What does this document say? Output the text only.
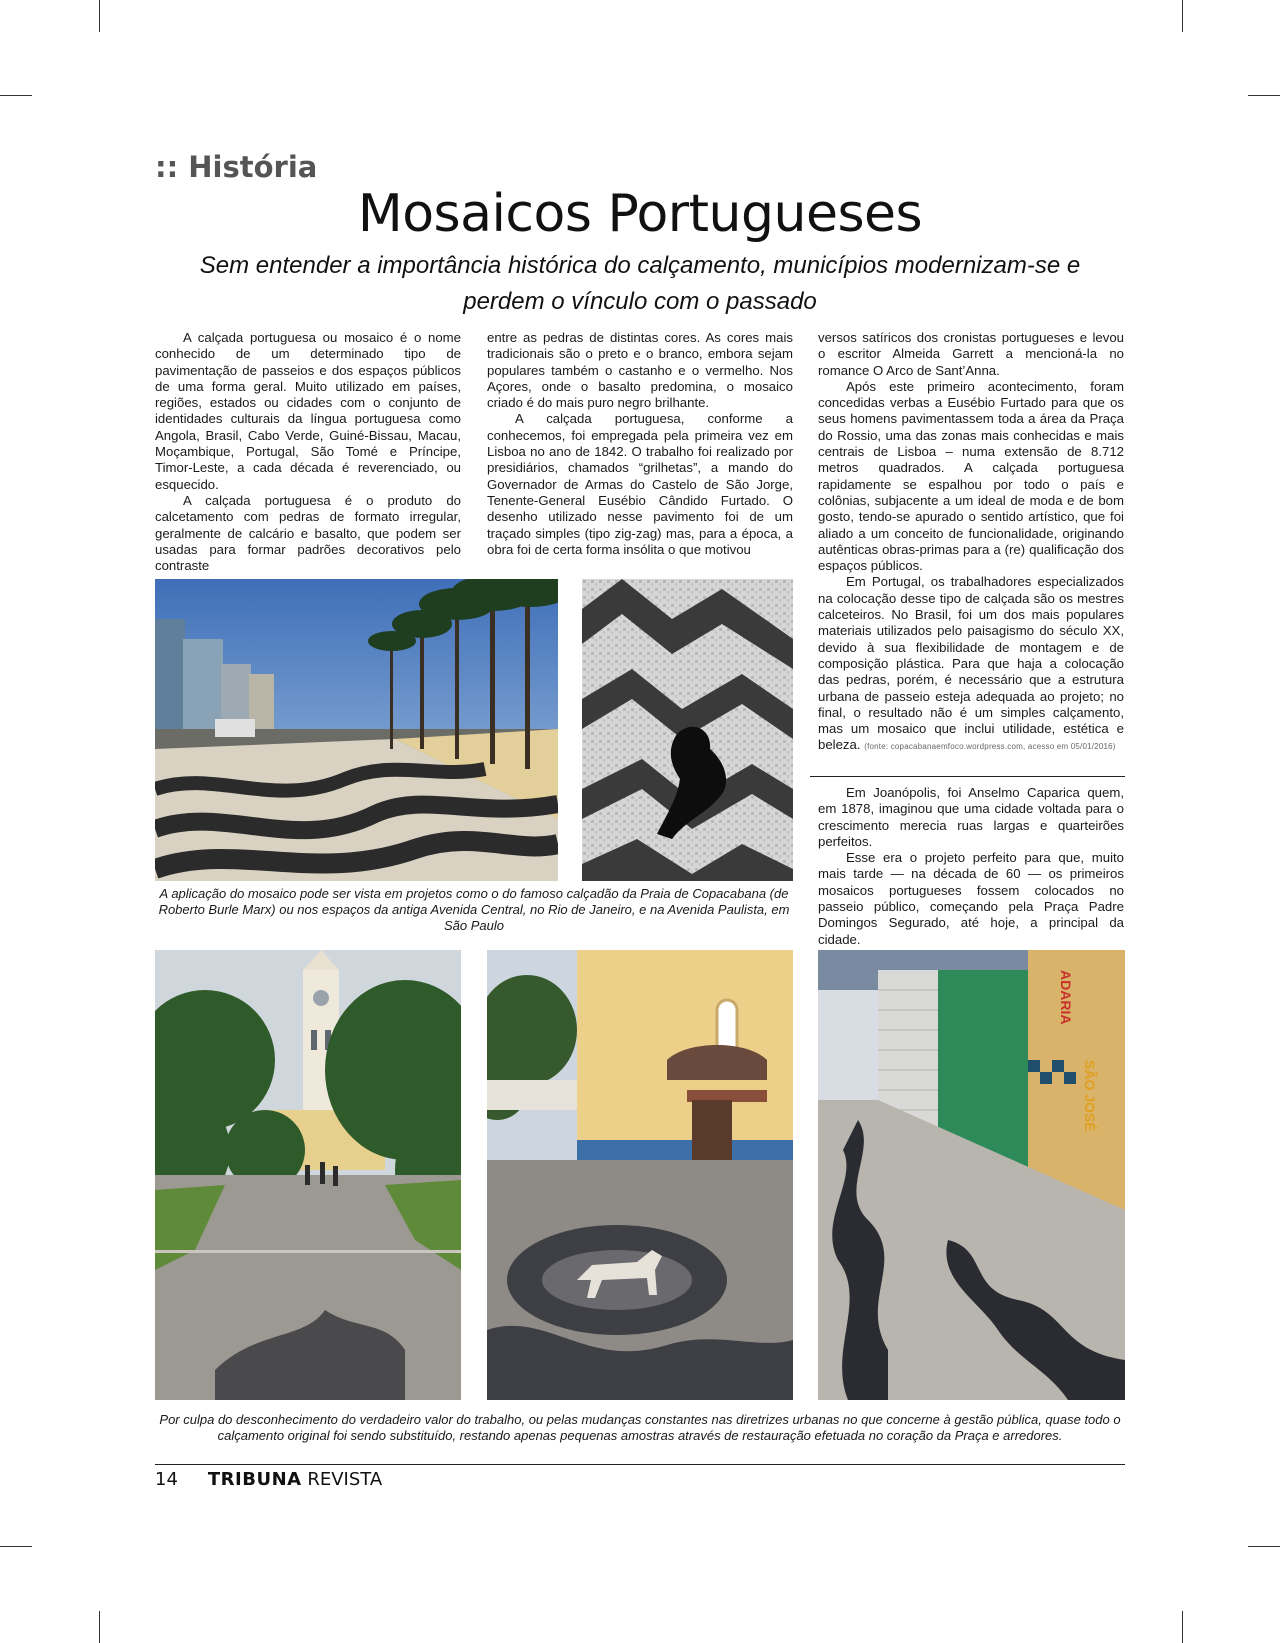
:: História
Mosaicos Portugueses
Sem entender a importância histórica do calçamento, municípios modernizam-se e
perdem o vínculo com o passado

A calçada portuguesa ou mosaico é o nome conhecido de um determinado tipo de pavimentação de passeios e dos espaços públicos de uma forma geral. Muito utilizado em países, regiões, estados ou cidades com o conjunto de identidades culturais da língua portuguesa como Angola, Brasil, Cabo Verde, Guiné-Bissau, Macau, Moçambique, Portugal, São Tomé e Príncipe, Timor-Leste, a cada década é reverenciado, ou esquecido.

A calçada portuguesa é o produto do calcetamento com pedras de formato irregular, geralmente de calcário e basalto, que podem ser usadas para formar padrões decorativos pelo contraste

entre as pedras de distintas cores. As cores mais tradicionais são o preto e o branco, embora sejam populares também o castanho e o vermelho. Nos Açores, onde o basalto predomina, o mosaico criado é do mais puro negro brilhante.

A calçada portuguesa, conforme a conhecemos, foi empregada pela primeira vez em Lisboa no ano de 1842. O trabalho foi realizado por presidiários, chamados “grilhetas”, a mando do Governador de Armas do Castelo de São Jorge, Tenente-General Eusébio Cândido Furtado. O desenho utilizado nesse pavimento foi de um traçado simples (tipo zig-zag) mas, para a época, a obra foi de certa forma insólita o que motivou

versos satíricos dos cronistas portugueses e levou o escritor Almeida Garrett a mencioná-la no romance O Arco de Sant’Anna.

Após este primeiro acontecimento, foram concedidas verbas a Eusébio Furtado para que os seus homens pavimentassem toda a área da Praça do Rossio, uma das zonas mais conhecidas e mais centrais de Lisboa – numa extensão de 8.712 metros quadrados. A calçada portuguesa rapidamente se espalhou por todo o país e colônias, subjacente a um ideal de moda e de bom gosto, tendo-se apurado o sentido artístico, que foi aliado a um conceito de funcionalidade, originando autênticas obras-primas para a (re) qualificação dos espaços públicos.

Em Portugal, os trabalhadores especializados na colocação desse tipo de calçada são os mestres calceteiros. No Brasil, foi um dos mais populares materiais utilizados pelo paisagismo do século XX, devido à sua flexibilidade de montagem e de composição plástica. Para que haja a colocação das pedras, porém, é necessário que a estrutura urbana de passeio esteja adequada ao projeto; no final, o resultado não é um simples calçamento, mas um mosaico que inclui utilidade, estética e beleza. (fonte: copacabanaemfoco.wordpress.com, acesso em 05/01/2016)

Em Joanópolis, foi Anselmo Caparica quem, em 1878, imaginou que uma cidade voltada para o crescimento merecia ruas largas e quarteirões perfeitos.

Esse era o projeto perfeito para que, muito mais tarde — na década de 60 — os primeiros mosaicos portugueses fossem colocados no passeio público, começando pela Praça Padre Domingos Segurado, até hoje, a principal da cidade.

A aplicação do mosaico pode ser vista em projetos como o do famoso calçadão da Praia de Copacabana (de Roberto Burle Marx) ou nos espaços da antiga Avenida Central, no Rio de Janeiro, e na Avenida Paulista, em São Paulo
ADARIA
SÃO JOSÉ
Por culpa do desconhecimento do verdadeiro valor do trabalho, ou pelas mudanças constantes nas diretrizes urbanas no que concerne à gestão pública, quase todo o calçamento original foi sendo substituído, restando apenas pequenas amostras através de restauração efetuada no coração da Praça e arredores.
14 TRIBUNA REVISTA
